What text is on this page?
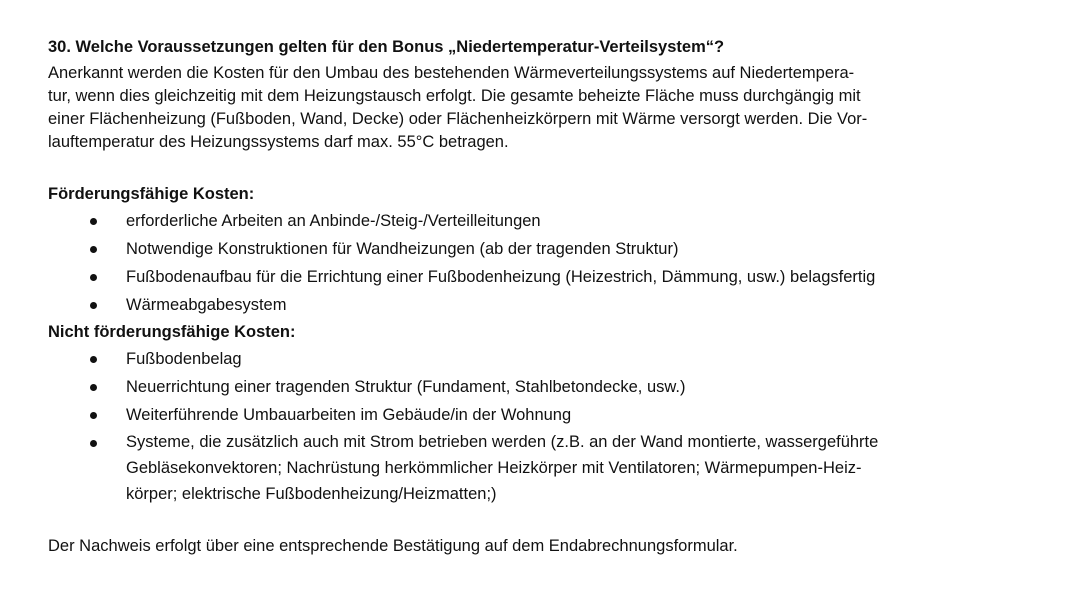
30. Welche Voraussetzungen gelten für den Bonus „Niedertemperatur-Verteilsystem“?

Anerkannt werden die Kosten für den Umbau des bestehenden Wärmeverteilungssystems auf Niedertempera-
tur, wenn dies gleichzeitig mit dem Heizungstausch erfolgt. Die gesamte beheizte Fläche muss durchgängig mit
einer Flächenheizung (Fußboden, Wand, Decke) oder Flächenheizkörpern mit Wärme versorgt werden. Die Vor-
lauftemperatur des Heizungssystems darf max. 55°C betragen.

Förderungsfähige Kosten:

erforderliche Arbeiten an Anbinde-/Steig-/Verteilleitungen
Notwendige Konstruktionen für Wandheizungen (ab der tragenden Struktur)
Fußbodenaufbau für die Errichtung einer Fußbodenheizung (Heizestrich, Dämmung, usw.) belagsfertig
Wärmeabgabesystem

Nicht förderungsfähige Kosten:

Fußbodenbelag
Neuerrichtung einer tragenden Struktur (Fundament, Stahlbetondecke, usw.)
Weiterführende Umbauarbeiten im Gebäude/in der Wohnung
Systeme, die zusätzlich auch mit Strom betrieben werden (z.B. an der Wand montierte, wassergeführte
Gebläsekonvektoren; Nachrüstung herkömmlicher Heizkörper mit Ventilatoren; Wärmepumpen-Heiz-
körper; elektrische Fußbodenheizung/Heizmatten;)

Der Nachweis erfolgt über eine entsprechende Bestätigung auf dem Endabrechnungsformular.
